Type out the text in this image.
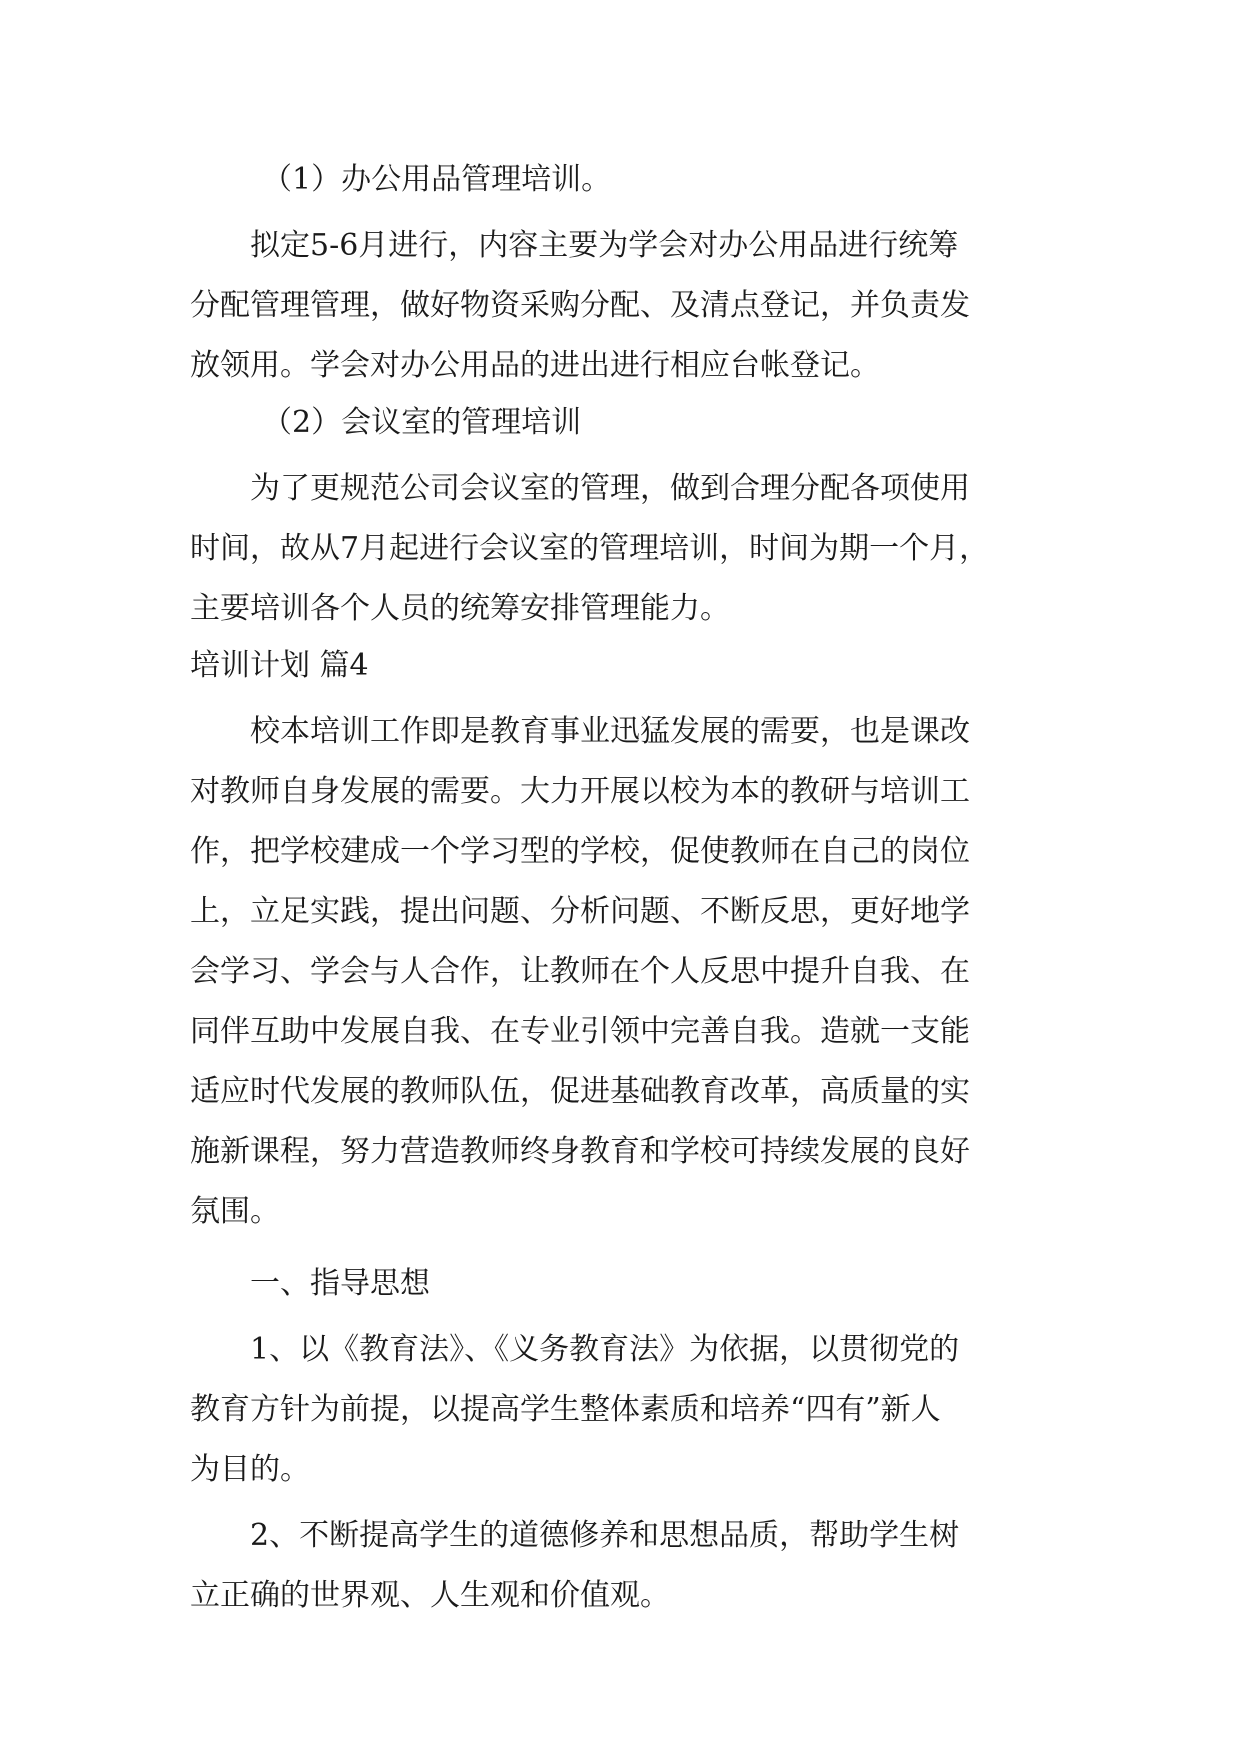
（1）办公用品管理培训。
拟定5-6月进行，内容主要为学会对办公用品进行统筹
分配管理管理，做好物资采购分配、及清点登记，并负责发
放领用。学会对办公用品的进出进行相应台帐登记。
（2）会议室的管理培训
为了更规范公司会议室的管理，做到合理分配各项使用
时间，故从7月起进行会议室的管理培训，时间为期一个月，
主要培训各个人员的统筹安排管理能力。
培训计划 篇4
校本培训工作即是教育事业迅猛发展的需要，也是课改
对教师自身发展的需要。大力开展以校为本的教研与培训工
作，把学校建成一个学习型的学校，促使教师在自己的岗位
上，立足实践，提出问题、分析问题、不断反思，更好地学
会学习、学会与人合作，让教师在个人反思中提升自我、在
同伴互助中发展自我、在专业引领中完善自我。造就一支能
适应时代发展的教师队伍，促进基础教育改革，高质量的实
施新课程，努力营造教师终身教育和学校可持续发展的良好
氛围。
一、指导思想
1、以《教育法》、《义务教育法》为依据，以贯彻党的
教育方针为前提，以提高学生整体素质和培养“四有”新人
为目的。
2、不断提高学生的道德修养和思想品质，帮助学生树
立正确的世界观、人生观和价值观。
